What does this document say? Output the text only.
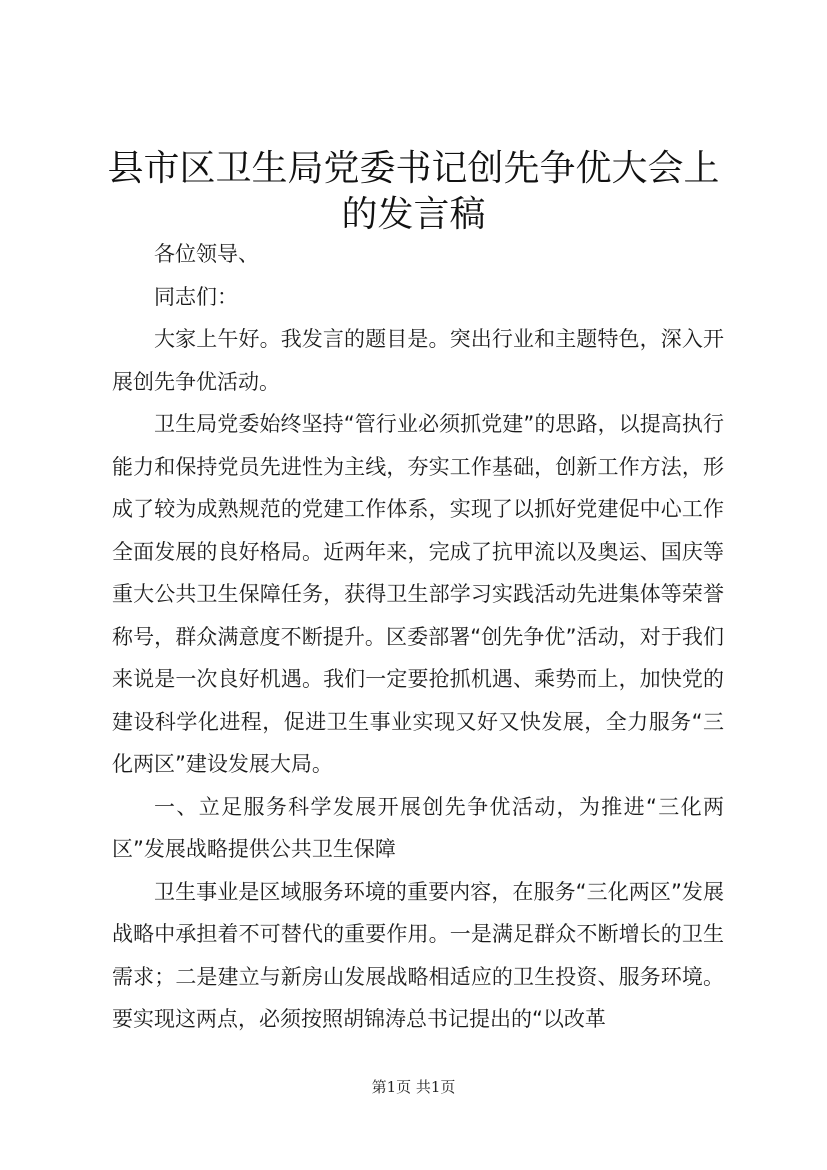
县市区卫生局党委书记创先争优大会上的发言稿

各位领导、

同志们：

大家上午好。我发言的题目是。突出行业和主题特色，深入开展创先争优活动。

卫生局党委始终坚持“管行业必须抓党建”的思路，以提高执行能力和保持党员先进性为主线，夯实工作基础，创新工作方法，形成了较为成熟规范的党建工作体系，实现了以抓好党建促中心工作全面发展的良好格局。近两年来，完成了抗甲流以及奥运、国庆等重大公共卫生保障任务，获得卫生部学习实践活动先进集体等荣誉称号，群众满意度不断提升。区委部署“创先争优”活动，对于我们来说是一次良好机遇。我们一定要抢抓机遇、乘势而上，加快党的建设科学化进程，促进卫生事业实现又好又快发展，全力服务“三化两区”建设发展大局。

一、立足服务科学发展开展创先争优活动，为推进“三化两区”发展战略提供公共卫生保障

卫生事业是区域服务环境的重要内容，在服务“三化两区”发展战略中承担着不可替代的重要作用。一是满足群众不断增长的卫生需求；二是建立与新房山发展战略相适应的卫生投资、服务环境。要实现这两点，必须按照胡锦涛总书记提出的“以改革

第1页 共1页
